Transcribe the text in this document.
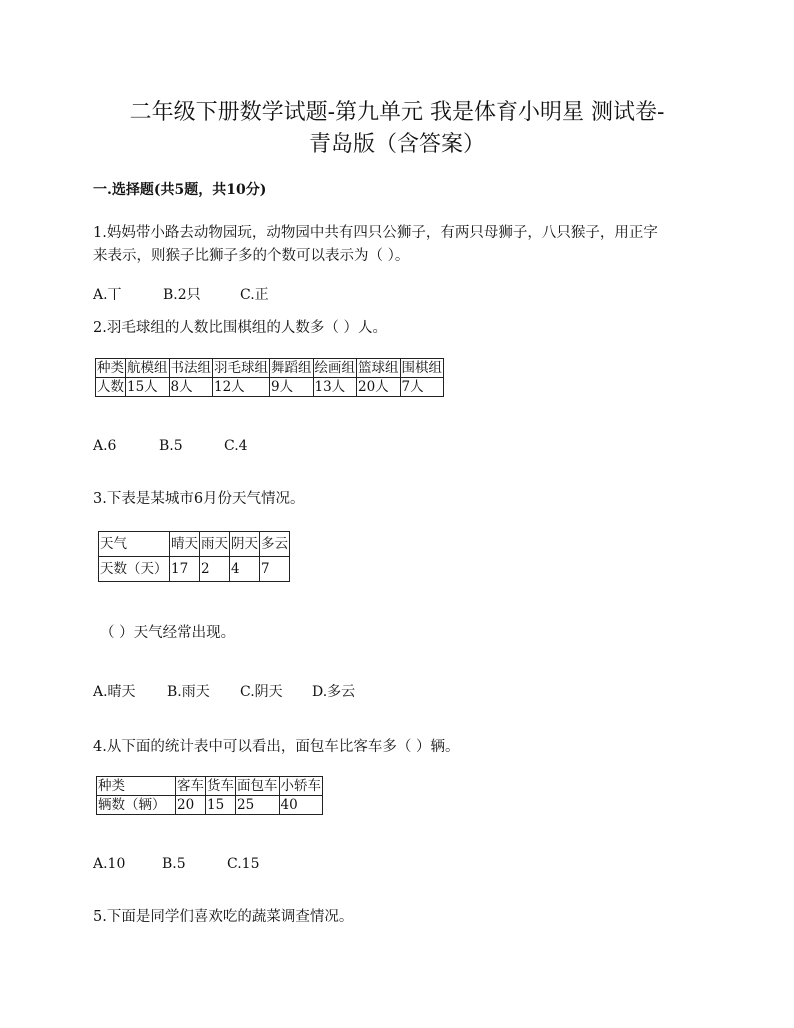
二年级下册数学试题-第九单元 我是体育小明星 测试卷-
青岛版（含答案）
一.选择题(共5题，共10分)
1.妈妈带小路去动物园玩，动物园中共有四只公狮子，有两只母狮子，八只猴子，用正字
来表示，则猴子比狮子多的个数可以表示为（ ）。
A.丅	B.2只	C.正
2.羽毛球组的人数比围棋组的人数多（ ）人。
种类	航模组	书法组	羽毛球组	舞蹈组	绘画组	篮球组	围棋组
人数	15人	8人	12人	9人	13人	20人	7人
A.6	B.5	C.4
3.下表是某城市6月份天气情况。
天气	晴天	雨天	阴天	多云
天数（天）	17	2	4	7
（ ）天气经常出现。
A.晴天 B.雨天 C.阴天 D.多云
4.从下面的统计表中可以看出，面包车比客车多（ ）辆。
种类	客车	货车	面包车	小轿车
辆数（辆）	20	15	25	40
A.10	B.5	C.15
5.下面是同学们喜欢吃的蔬菜调查情况。
